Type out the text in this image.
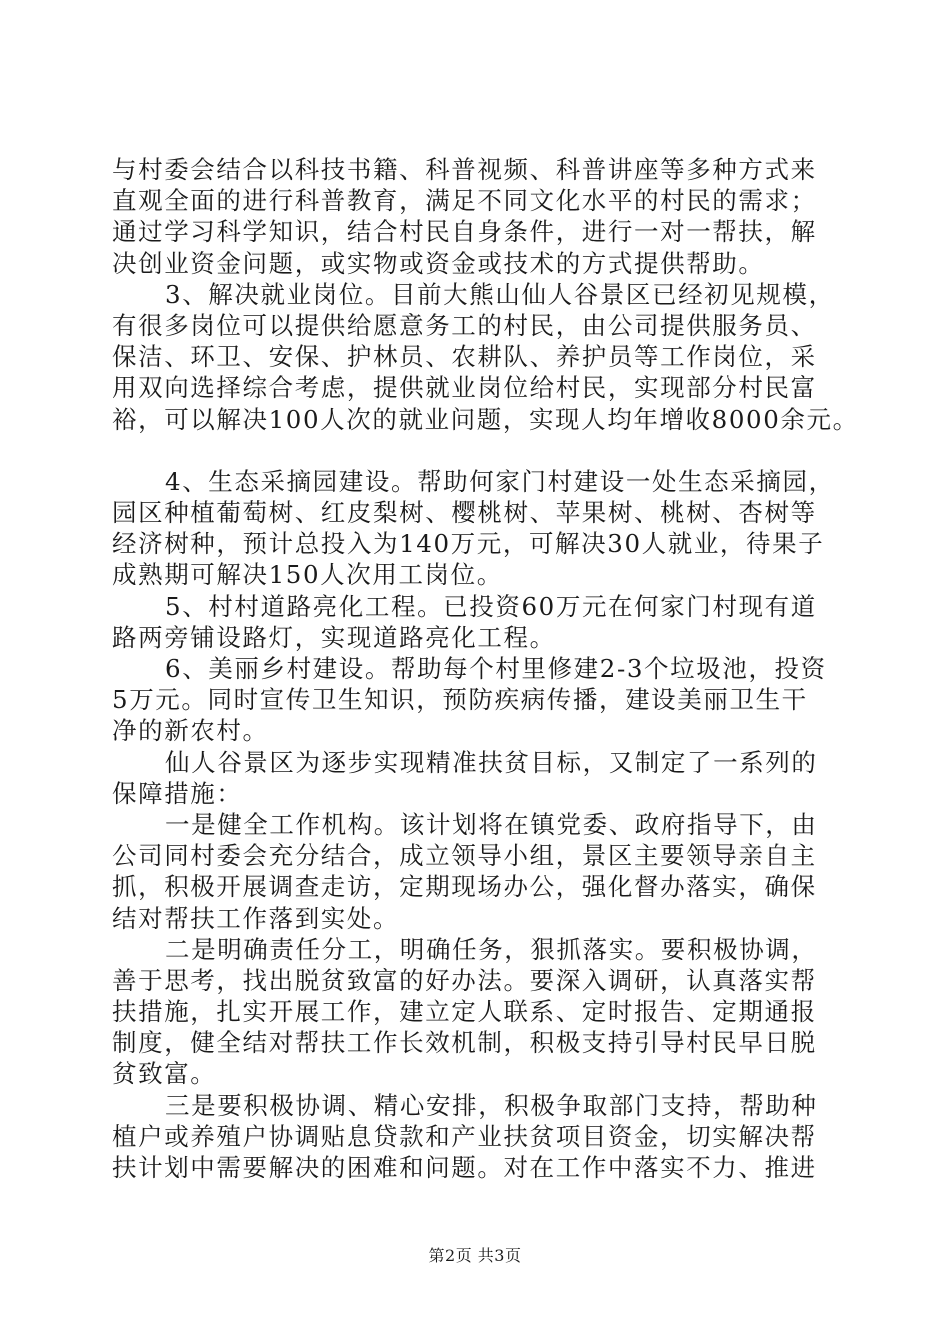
与村委会结合以科技书籍、科普视频、科普讲座等多种方式来
直观全面的进行科普教育，满足不同文化水平的村民的需求；
通过学习科学知识，结合村民自身条件，进行一对一帮扶，解
决创业资金问题，或实物或资金或技术的方式提供帮助。
3、解决就业岗位。目前大熊山仙人谷景区已经初见规模，
有很多岗位可以提供给愿意务工的村民，由公司提供服务员、
保洁、环卫、安保、护林员、农耕队、养护员等工作岗位，采
用双向选择综合考虑，提供就业岗位给村民，实现部分村民富
裕，可以解决100人次的就业问题，实现人均年增收8000余元。
4、生态采摘园建设。帮助何家门村建设一处生态采摘园，
园区种植葡萄树、红皮梨树、樱桃树、苹果树、桃树、杏树等
经济树种，预计总投入为140万元，可解决30人就业，待果子
成熟期可解决150人次用工岗位。
5、村村道路亮化工程。已投资60万元在何家门村现有道
路两旁铺设路灯，实现道路亮化工程。
6、美丽乡村建设。帮助每个村里修建2-3个垃圾池，投资
5万元。同时宣传卫生知识，预防疾病传播，建设美丽卫生干
净的新农村。
仙人谷景区为逐步实现精准扶贫目标，又制定了一系列的
保障措施：
一是健全工作机构。该计划将在镇党委、政府指导下，由
公司同村委会充分结合，成立领导小组，景区主要领导亲自主
抓，积极开展调查走访，定期现场办公，强化督办落实，确保
结对帮扶工作落到实处。
二是明确责任分工，明确任务，狠抓落实。要积极协调，
善于思考，找出脱贫致富的好办法。要深入调研，认真落实帮
扶措施，扎实开展工作，建立定人联系、定时报告、定期通报
制度，健全结对帮扶工作长效机制，积极支持引导村民早日脱
贫致富。
三是要积极协调、精心安排，积极争取部门支持，帮助种
植户或养殖户协调贴息贷款和产业扶贫项目资金，切实解决帮
扶计划中需要解决的困难和问题。对在工作中落实不力、推进
第2页 共3页
